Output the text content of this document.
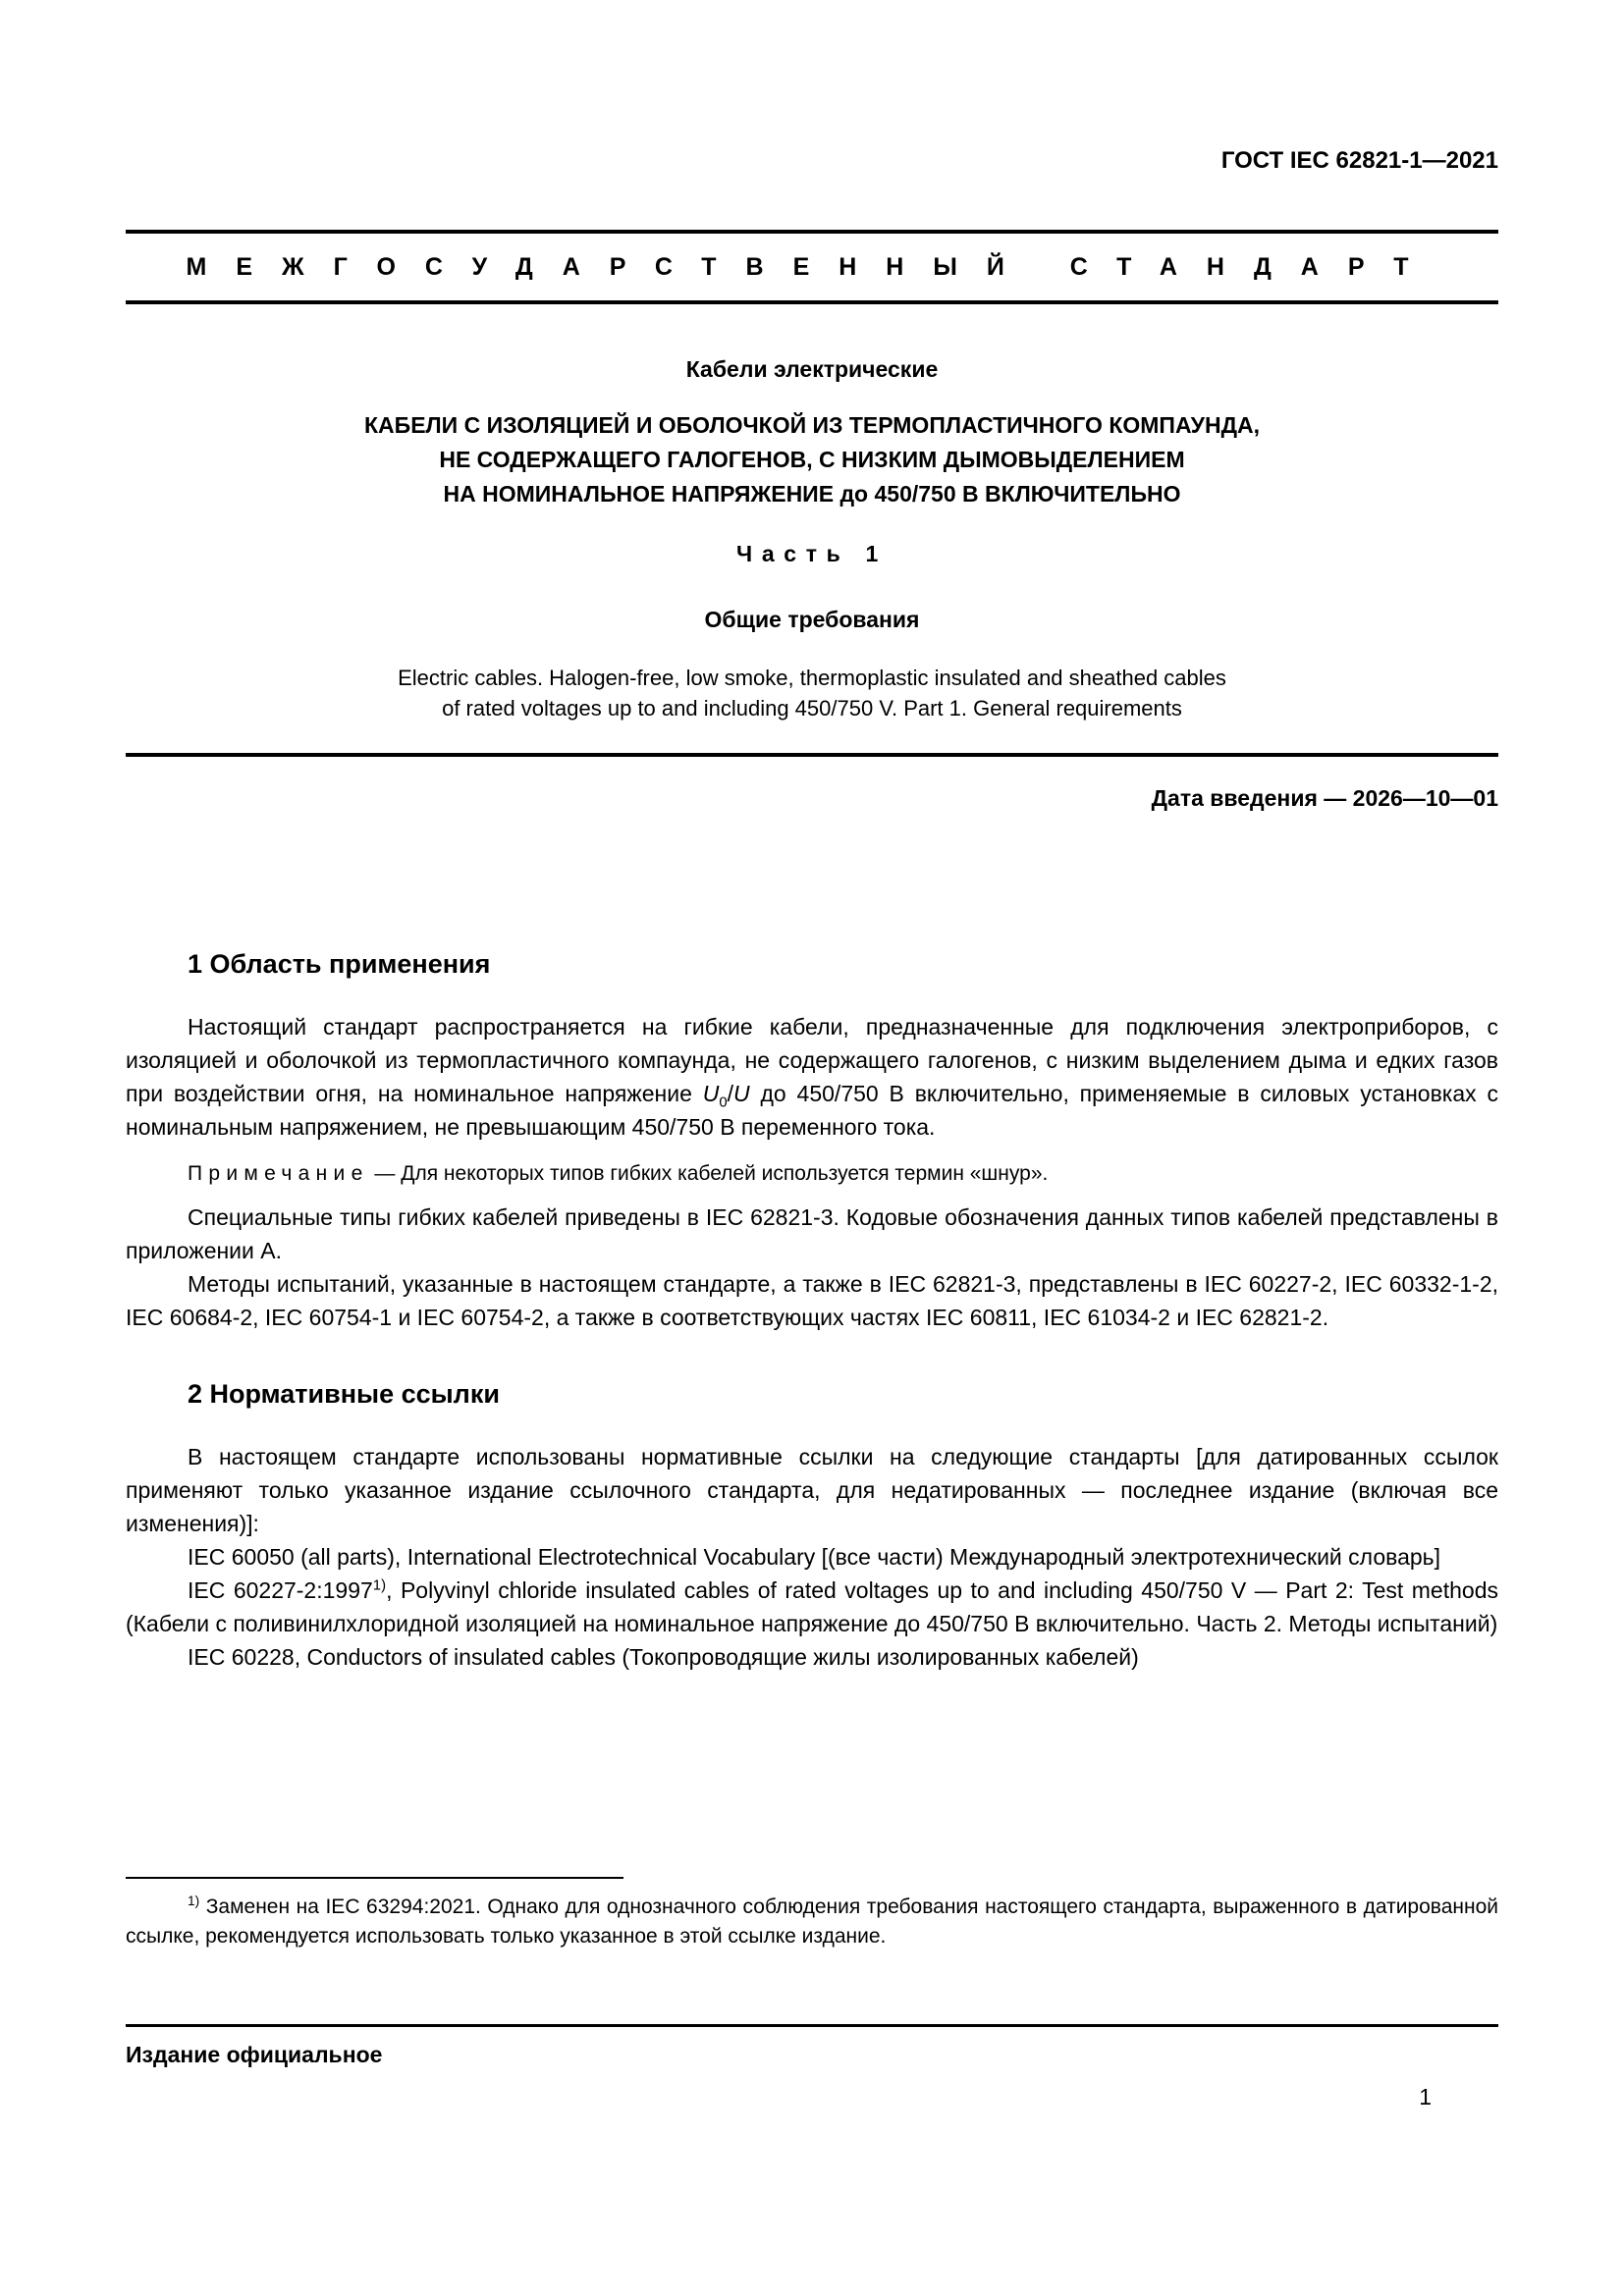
ГОСТ IEC 62821-1—2021
МЕЖГОСУДАРСТВЕННЫЙ СТАНДАРТ
Кабели электрические
КАБЕЛИ С ИЗОЛЯЦИЕЙ И ОБОЛОЧКОЙ ИЗ ТЕРМОПЛАСТИЧНОГО КОМПАУНДА,
НЕ СОДЕРЖАЩЕГО ГАЛОГЕНОВ, С НИЗКИМ ДЫМОВЫДЕЛЕНИЕМ
НА НОМИНАЛЬНОЕ НАПРЯЖЕНИЕ до 450/750 В ВКЛЮЧИТЕЛЬНО
Часть 1
Общие требования
Electric cables. Halogen-free, low smoke, thermoplastic insulated and sheathed cables
of rated voltages up to and including 450/750 V. Part 1. General requirements
Дата введения — 2026—10—01
1 Область применения

Настоящий стандарт распространяется на гибкие кабели, предназначенные для подключения электроприборов, с изоляцией и оболочкой из термопластичного компаунда, не содержащего галогенов, с низким выделением дыма и едких газов при воздействии огня, на номинальное напряжение $U_0/U$ до 450/750 В включительно, применяемые в силовых установках с номинальным напряжением, не превышающим 450/750 В переменного тока.

Примечание — Для некоторых типов гибких кабелей используется термин «шнур».

Специальные типы гибких кабелей приведены в IEC 62821-3. Кодовые обозначения данных типов кабелей представлены в приложении А.

Методы испытаний, указанные в настоящем стандарте, а также в IEC 62821-3, представлены в IEC 60227-2, IEC 60332-1-2, IEC 60684-2, IEC 60754-1 и IEC 60754-2, а также в соответствующих частях IEC 60811, IEC 61034-2 и IEC 62821-2.

2 Нормативные ссылки

В настоящем стандарте использованы нормативные ссылки на следующие стандарты [для датированных ссылок применяют только указанное издание ссылочного стандарта, для недатированных — последнее издание (включая все изменения)]:

IEC 60050 (all parts), International Electrotechnical Vocabulary [(все части) Международный электротехнический словарь]

IEC 60227-2:1997$^{1)}$, Polyvinyl chloride insulated cables of rated voltages up to and including 450/750 V — Part 2: Test methods (Кабели с поливинилхлоридной изоляцией на номинальное напряжение до 450/750 В включительно. Часть 2. Методы испытаний)

IEC 60228, Conductors of insulated cables (Токопроводящие жилы изолированных кабелей)

$^{1)}$ Заменен на IEC 63294:2021. Однако для однозначного соблюдения требования настоящего стандарта, выраженного в датированной ссылке, рекомендуется использовать только указанное в этой ссылке издание.

Издание официальное
1
